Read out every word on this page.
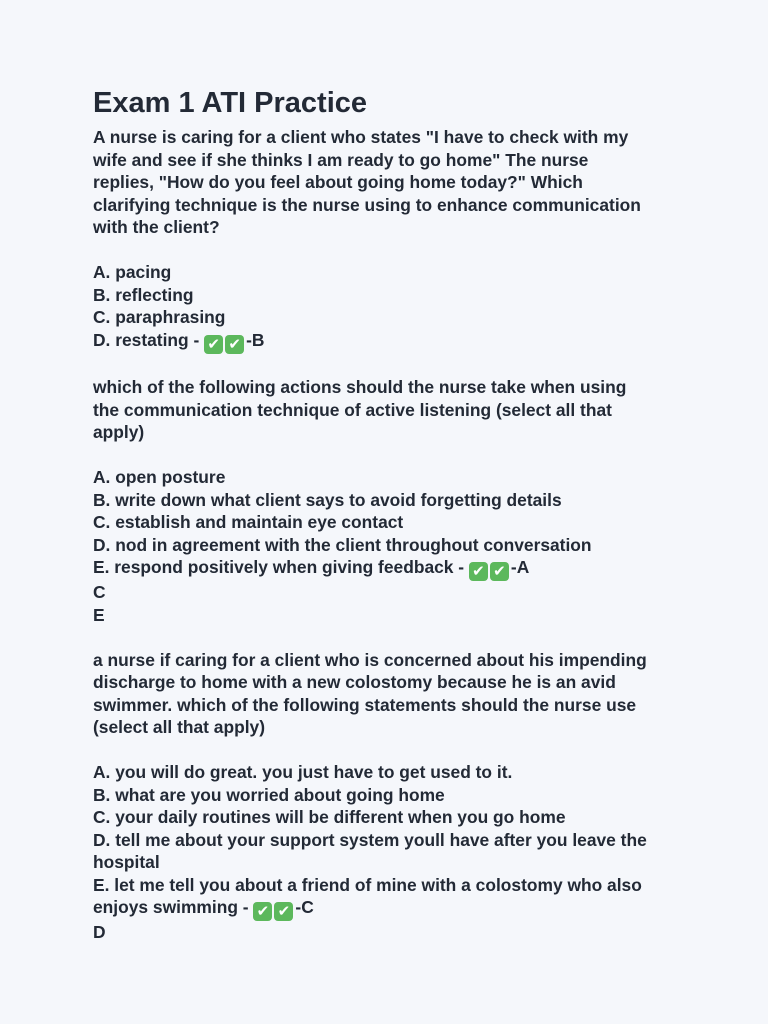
Exam 1 ATI Practice
A nurse is caring for a client who states "I have to check with my
wife and see if she thinks I am ready to go home" The nurse
replies, "How do you feel about going home today?" Which
clarifying technique is the nurse using to enhance communication
with the client?
A. pacing
B. reflecting
C. paraphrasing
D. restating - ✔✔-B
which of the following actions should the nurse take when using
the communication technique of active listening (select all that
apply)
A. open posture
B. write down what client says to avoid forgetting details
C. establish and maintain eye contact
D. nod in agreement with the client throughout conversation
E. respond positively when giving feedback - ✔✔-A
C
E
a nurse if caring for a client who is concerned about his impending
discharge to home with a new colostomy because he is an avid
swimmer. which of the following statements should the nurse use
(select all that apply)
A. you will do great. you just have to get used to it.
B. what are you worried about going home
C. your daily routines will be different when you go home
D. tell me about your support system youll have after you leave the
hospital
E. let me tell you about a friend of mine with a colostomy who also
enjoys swimming - ✔✔-C
D
